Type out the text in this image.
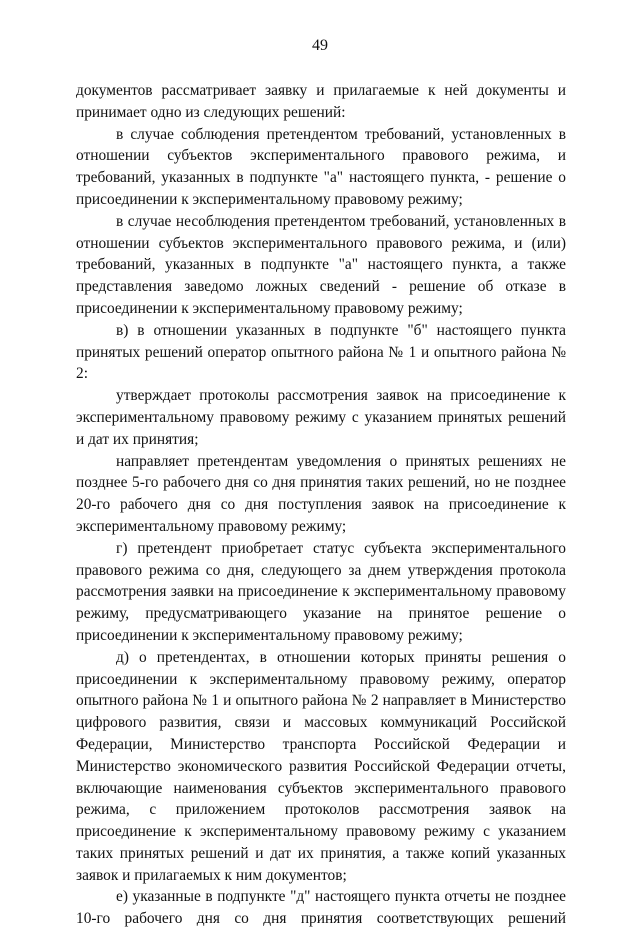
49

документов рассматривает заявку и прилагаемые к ней документы и принимает одно из следующих решений:

в случае соблюдения претендентом требований, установленных в отношении субъектов экспериментального правового режима, и требований, указанных в подпункте "а" настоящего пункта, - решение о присоединении к экспериментальному правовому режиму;

в случае несоблюдения претендентом требований, установленных в отношении субъектов экспериментального правового режима, и (или) требований, указанных в подпункте "а" настоящего пункта, а также представления заведомо ложных сведений - решение об отказе в присоединении к экспериментальному правовому режиму;

в) в отношении указанных в подпункте "б" настоящего пункта принятых решений оператор опытного района № 1 и опытного района № 2:

утверждает протоколы рассмотрения заявок на присоединение к экспериментальному правовому режиму с указанием принятых решений и дат их принятия;

направляет претендентам уведомления о принятых решениях не позднее 5-го рабочего дня со дня принятия таких решений, но не позднее 20-го рабочего дня со дня поступления заявок на присоединение к экспериментальному правовому режиму;

г) претендент приобретает статус субъекта экспериментального правового режима со дня, следующего за днем утверждения протокола рассмотрения заявки на присоединение к экспериментальному правовому режиму, предусматривающего указание на принятое решение о присоединении к экспериментальному правовому режиму;

д) о претендентах, в отношении которых приняты решения о присоединении к экспериментальному правовому режиму, оператор опытного района № 1 и опытного района № 2 направляет в Министерство цифрового развития, связи и массовых коммуникаций Российской Федерации, Министерство транспорта Российской Федерации и Министерство экономического развития Российской Федерации отчеты, включающие наименования субъектов экспериментального правового режима, с приложением протоколов рассмотрения заявок на присоединение к экспериментальному правовому режиму с указанием таких принятых решений и дат их принятия, а также копий указанных заявок и прилагаемых к ним документов;

е) указанные в подпункте "д" настоящего пункта отчеты не позднее 10-го рабочего дня со дня принятия соответствующих решений
